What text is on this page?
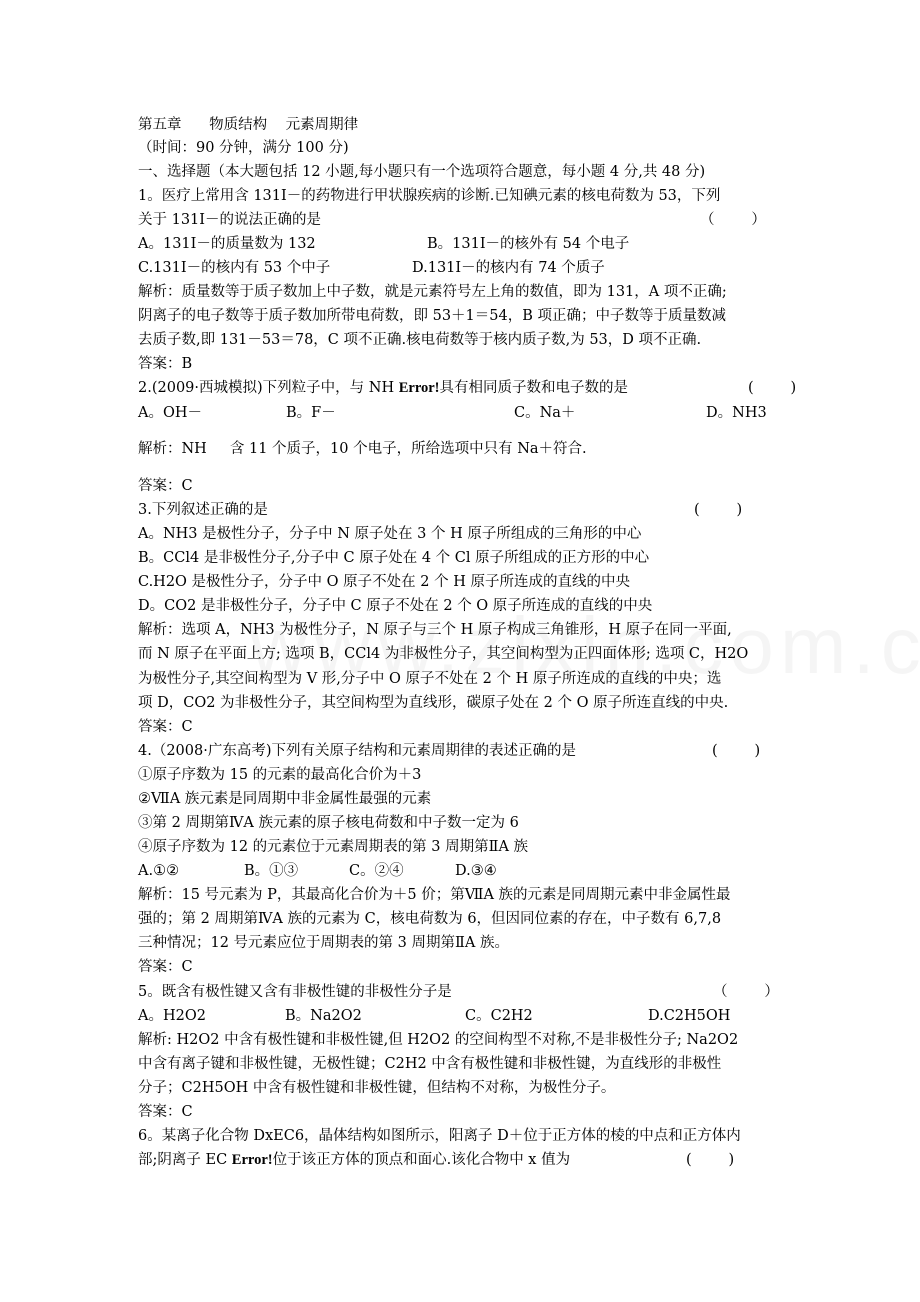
第五章      物质结构    元素周期律
（时间：90 分钟，满分 100 分)
一、选择题（本大题包括 12 小题,每小题只有一个选项符合题意，每小题 4 分,共 48 分)
1。医疗上常用含 131I－的药物进行甲状腺疾病的诊断.已知碘元素的核电荷数为 53，下列
关于 131I－的说法正确的是	（        ）
A。131I－的质量数为 132	B。131I－的核外有 54 个电子
C.131I－的核内有 53 个中子	D.131I－的核内有 74 个质子
解析：质量数等于质子数加上中子数，就是元素符号左上角的数值，即为 131，A 项不正确;
阴离子的电子数等于质子数加所带电荷数，即 53＋1＝54，B 项正确；中子数等于质量数减
去质子数,即 131－53＝78，C 项不正确.核电荷数等于核内质子数,为 53，D 项不正确.
答案：B
2.(2009·西城模拟)下列粒子中，与 NH Error!具有相同质子数和电子数的是	(        )
A。OH－	B。F－	C。Na＋	D。NH3
解析：NH     含 11 个质子，10 个电子，所给选项中只有 Na＋符合.
答案：C
3.下列叙述正确的是	(        )
A。NH3 是极性分子，分子中 N 原子处在 3 个 H 原子所组成的三角形的中心
B。CCl4 是非极性分子,分子中 C 原子处在 4 个 Cl 原子所组成的正方形的中心
C.H2O 是极性分子，分子中 O 原子不处在 2 个 H 原子所连成的直线的中央
D。CO2 是非极性分子，分子中 C 原子不处在 2 个 O 原子所连成的直线的中央
解析：选项 A，NH3 为极性分子，N 原子与三个 H 原子构成三角锥形，H 原子在同一平面,
而 N 原子在平面上方; 选项 B，CCl4 为非极性分子，其空间构型为正四面体形; 选项 C，H2O
为极性分子,其空间构型为 V 形,分子中 O 原子不处在 2 个 H 原子所连成的直线的中央；选
项 D，CO2 为非极性分子，其空间构型为直线形，碳原子处在 2 个 O 原子所连直线的中央.
答案：C
4.（2008·广东高考)下列有关原子结构和元素周期律的表述正确的是	(        )
①原子序数为 15 的元素的最高化合价为＋3
②ⅦA 族元素是同周期中非金属性最强的元素
③第 2 周期第ⅣA 族元素的原子核电荷数和中子数一定为 6
④原子序数为 12 的元素位于元素周期表的第 3 周期第ⅡA 族
A.①②	B。①③	C。②④	D.③④
解析：15 号元素为 P，其最高化合价为＋5 价；第ⅦA 族的元素是同周期元素中非金属性最
强的；第 2 周期第ⅣA 族的元素为 C，核电荷数为 6，但因同位素的存在，中子数有 6,7,8
三种情况；12 号元素应位于周期表的第 3 周期第ⅡA 族。
答案：C
5。既含有极性键又含有非极性键的非极性分子是	（        ）
A。H2O2	B。Na2O2	C。C2H2	D.C2H5OH
解析: H2O2 中含有极性键和非极性键,但 H2O2 的空间构型不对称,不是非极性分子; Na2O2
中含有离子键和非极性键，无极性键；C2H2 中含有极性键和非极性键，为直线形的非极性
分子；C2H5OH 中含有极性键和非极性键，但结构不对称，为极性分子。
答案：C
6。某离子化合物 DxEC6，晶体结构如图所示，阳离子 D＋位于正方体的棱的中点和正方体内
部;阴离子 EC Error!位于该正方体的顶点和面心.该化合物中 x 值为	(        )
